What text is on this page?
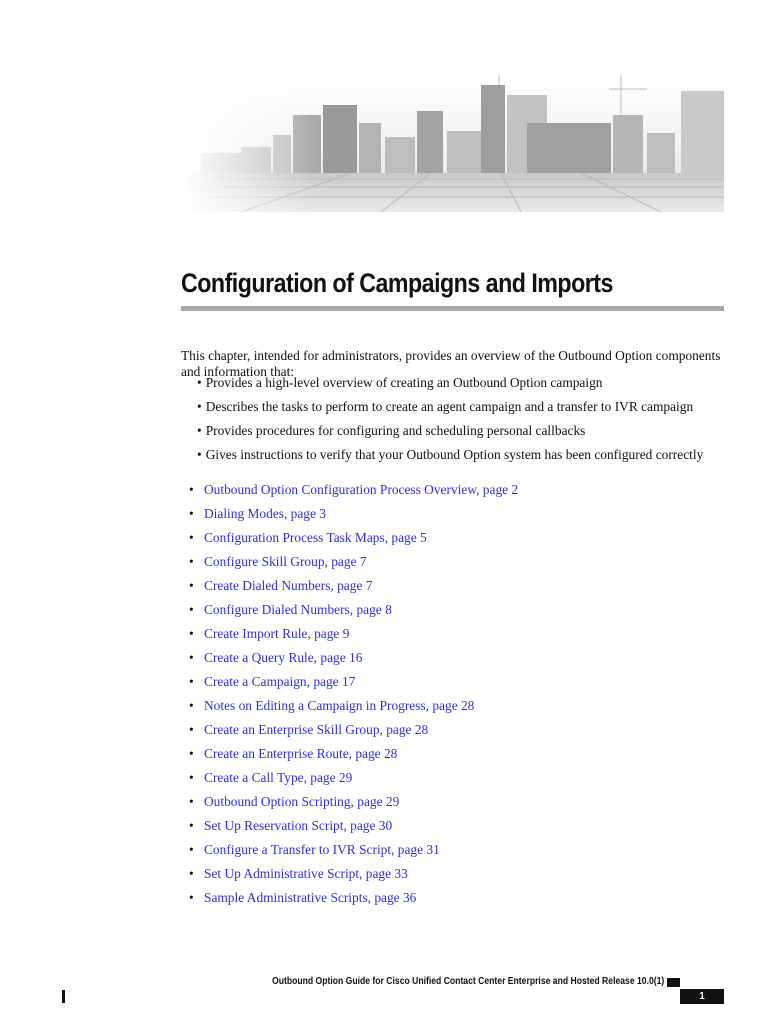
Configuration of Campaigns and Imports

This chapter, intended for administrators, provides an overview of the Outbound Option components and information that:

• Provides a high-level overview of creating an Outbound Option campaign
• Describes the tasks to perform to create an agent campaign and a transfer to IVR campaign
• Provides procedures for configuring and scheduling personal callbacks
• Gives instructions to verify that your Outbound Option system has been configured correctly
• Outbound Option Configuration Process Overview, page 2
• Dialing Modes, page 3
• Configuration Process Task Maps, page 5
• Configure Skill Group, page 7
• Create Dialed Numbers, page 7
• Configure Dialed Numbers, page 8
• Create Import Rule, page 9
• Create a Query Rule, page 16
• Create a Campaign, page 17
• Notes on Editing a Campaign in Progress, page 28
• Create an Enterprise Skill Group, page 28
• Create an Enterprise Route, page 28
• Create a Call Type, page 29
• Outbound Option Scripting, page 29
• Set Up Reservation Script, page 30
• Configure a Transfer to IVR Script, page 31
• Set Up Administrative Script, page 33
• Sample Administrative Scripts, page 36
Outbound Option Guide for Cisco Unified Contact Center Enterprise and Hosted Release 10.0(1)
1
